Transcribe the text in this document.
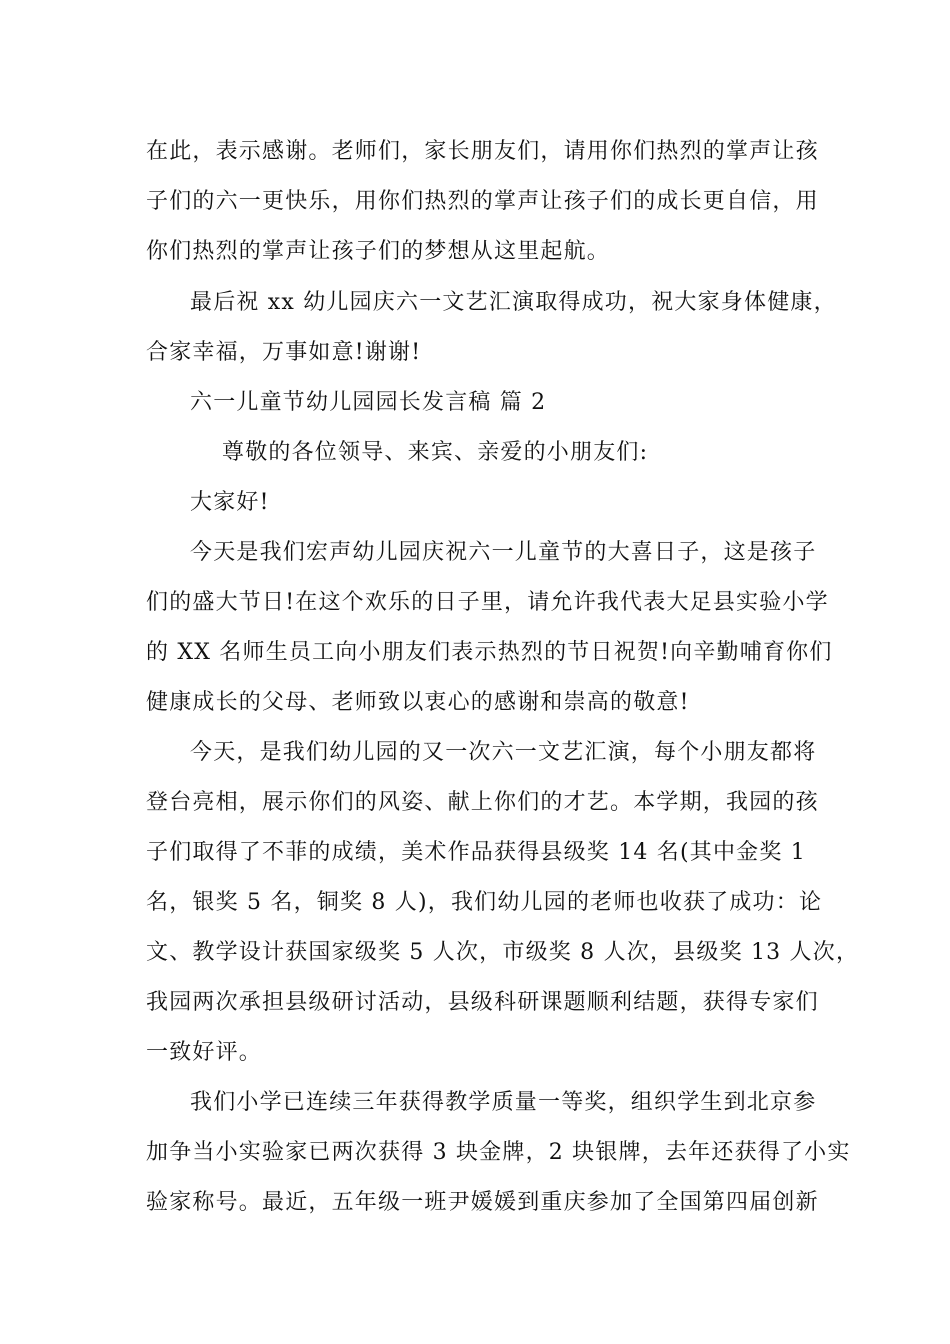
在此，表示感谢。老师们，家长朋友们，请用你们热烈的掌声让孩
子们的六一更快乐，用你们热烈的掌声让孩子们的成长更自信，用
你们热烈的掌声让孩子们的梦想从这里起航。
最后祝 xx 幼儿园庆六一文艺汇演取得成功，祝大家身体健康，
合家幸福，万事如意!谢谢!
六一儿童节幼儿园园长发言稿 篇 2
尊敬的各位领导、来宾、亲爱的小朋友们:
大家好!
今天是我们宏声幼儿园庆祝六一儿童节的大喜日子，这是孩子
们的盛大节日!在这个欢乐的日子里，请允许我代表大足县实验小学
的 XX 名师生员工向小朋友们表示热烈的节日祝贺!向辛勤哺育你们
健康成长的父母、老师致以衷心的感谢和崇高的敬意!
今天，是我们幼儿园的又一次六一文艺汇演，每个小朋友都将
登台亮相，展示你们的风姿、献上你们的才艺。本学期，我园的孩
子们取得了不菲的成绩，美术作品获得县级奖 14 名(其中金奖 1
名，银奖 5 名，铜奖 8 人)，我们幼儿园的老师也收获了成功：论
文、教学设计获国家级奖 5 人次，市级奖 8 人次，县级奖 13 人次，
我园两次承担县级研讨活动，县级科研课题顺利结题，获得专家们
一致好评。
我们小学已连续三年获得教学质量一等奖，组织学生到北京参
加争当小实验家已两次获得 3 块金牌，2 块银牌，去年还获得了小实
验家称号。最近，五年级一班尹媛媛到重庆参加了全国第四届创新
